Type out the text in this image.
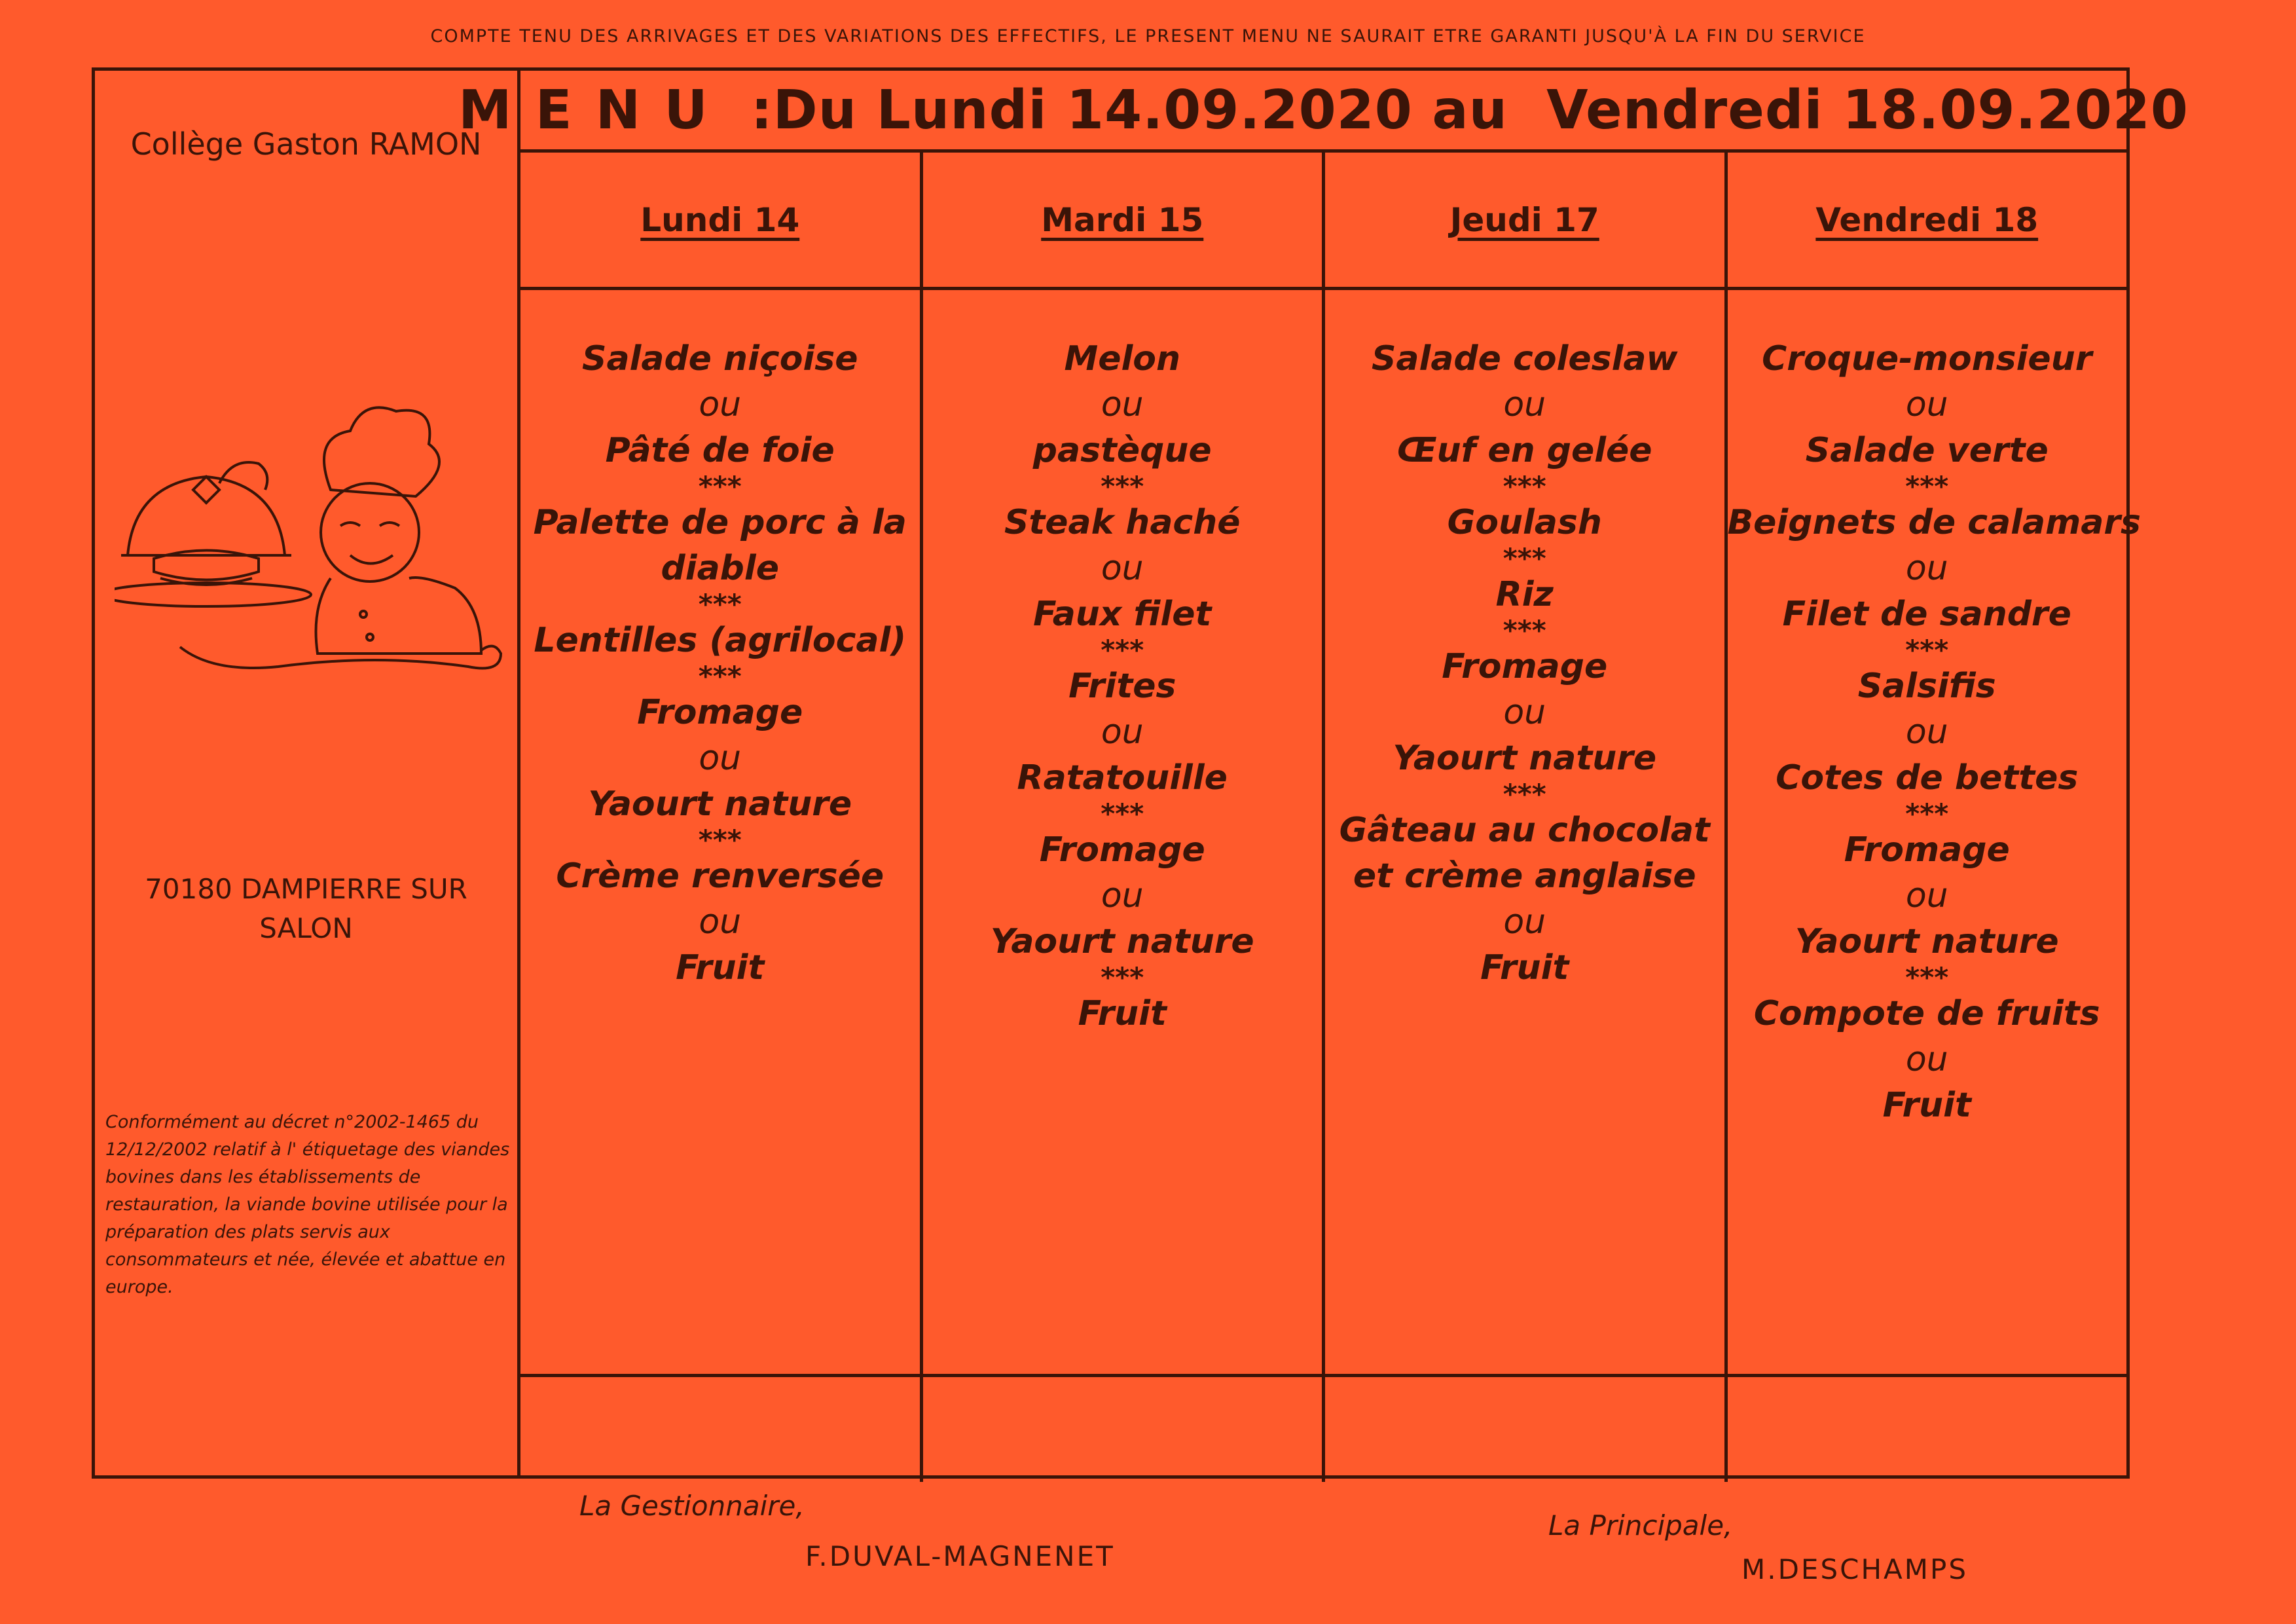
COMPTE TENU DES ARRIVAGES ET DES VARIATIONS DES EFFECTIFS, LE PRESENT MENU NE SAURAIT ETRE GARANTI JUSQU'À LA FIN DU SERVICE
Collège Gaston RAMON
70180 DAMPIERRE SUR
SALON
Conformément au décret n°2002-1465 du 12/12/2002 relatif à l' étiquetage des viandes bovines dans les établissements de restauration, la viande bovine utilisée pour la préparation des plats servis aux consommateurs et née, élevée et abattue en europe.
MENU : Du Lundi 14.09.2020 au  Vendredi 18.09.2020
Lundi 14
Salade niçoise
ou
Pâté de foie
***
Palette de porc à la
diable
***
Lentilles (agrilocal)
***
Fromage
ou
Yaourt nature
***
Crème renversée
ou
Fruit
Mardi 15
Melon
ou
pastèque
***
Steak haché
ou
Faux filet
***
Frites
ou
Ratatouille
***
Fromage
ou
Yaourt nature
***
Fruit
Jeudi 17
Salade coleslaw
ou
Œuf en gelée
***
Goulash
***
Riz
***
Fromage
ou
Yaourt nature
***
Gâteau au chocolat
et crème anglaise
ou
Fruit
Vendredi 18
Croque-monsieur
ou
Salade verte
***
Beignets de calamars
ou
Filet de sandre
***
Salsifis
ou
Cotes de bettes
***
Fromage
ou
Yaourt nature
***
Compote de fruits
ou
Fruit
La Gestionnaire,
F.DUVAL-MAGNENET
La Principale,
M.DESCHAMPS
